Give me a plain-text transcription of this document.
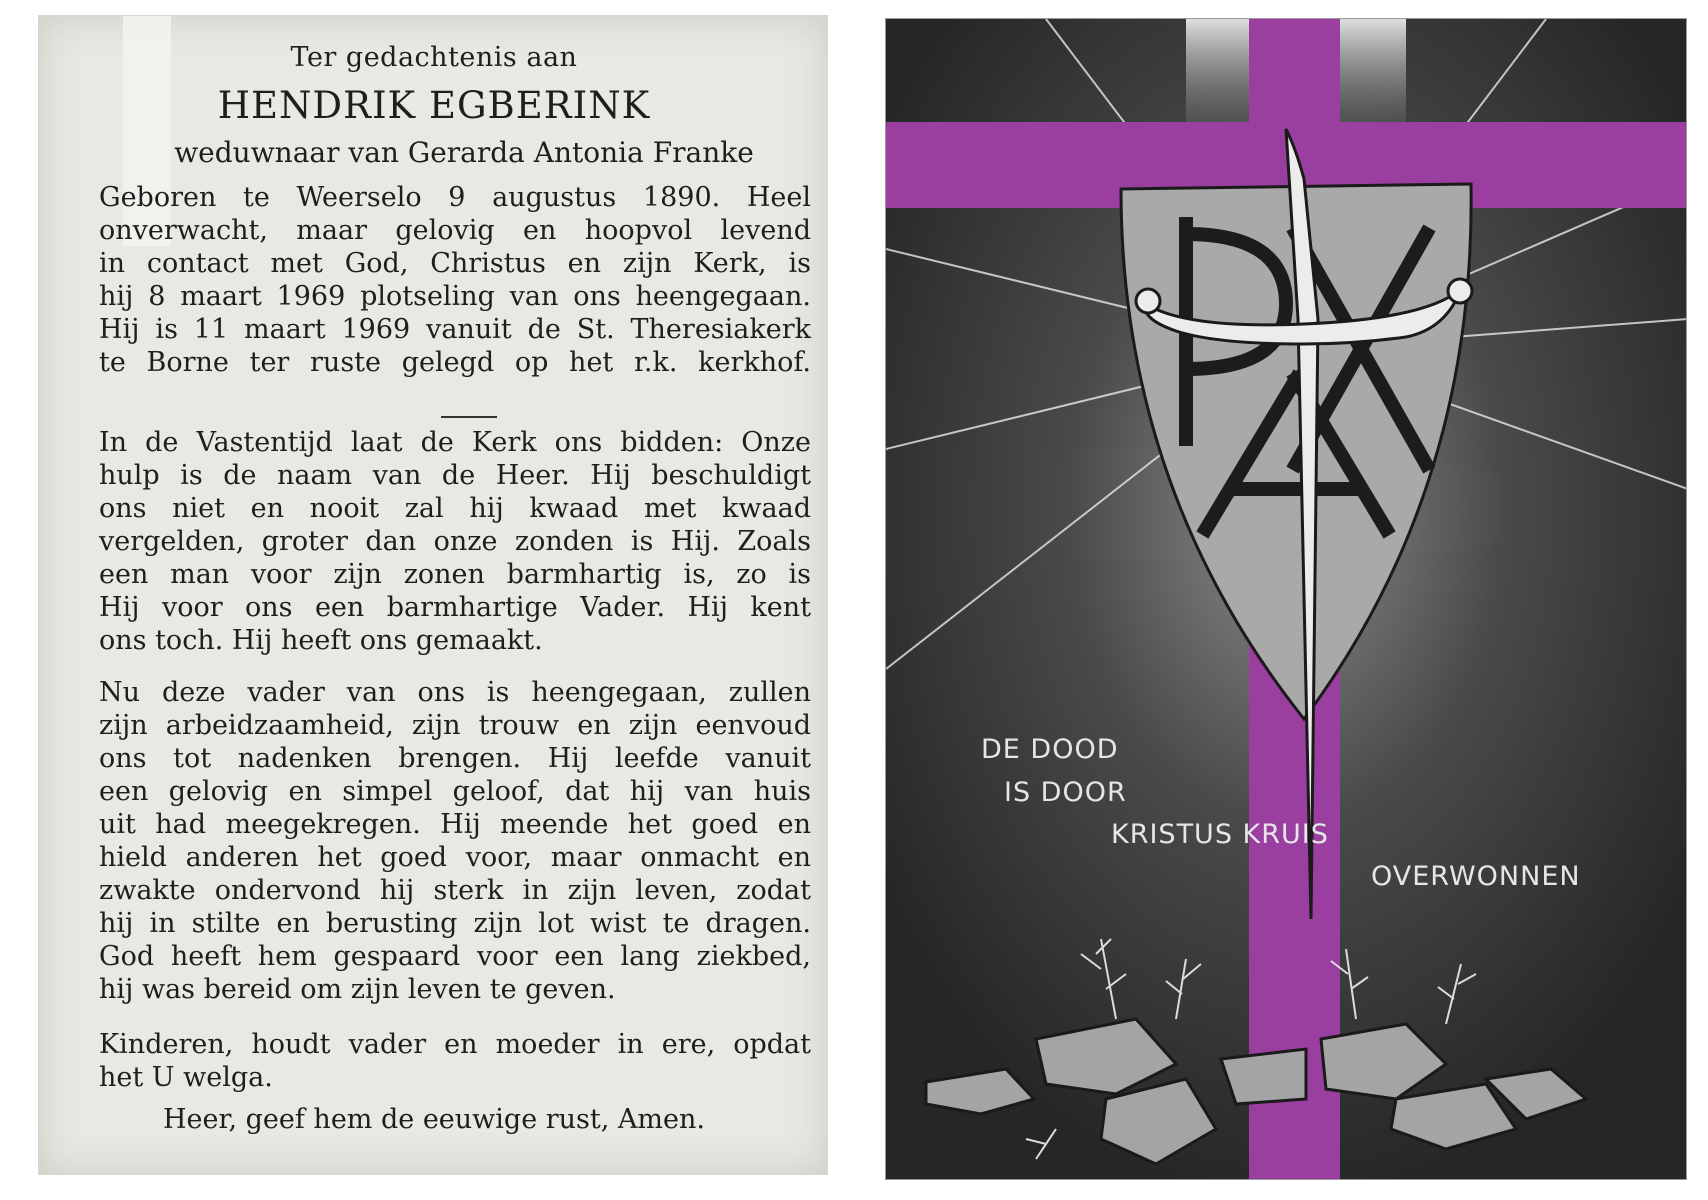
Ter gedachtenis aan
HENDRIK EGBERINK
weduwnaar van Gerarda Antonia Franke
Geboren te Weerselo 9 augustus 1890. Heel
onverwacht, maar gelovig en hoopvol levend
in contact met God, Christus en zijn Kerk, is
hij 8 maart 1969 plotseling van ons heengegaan.
Hij is 11 maart 1969 vanuit de St. Theresiakerk
te Borne ter ruste gelegd op het r.k. kerkhof.
In de Vastentijd laat de Kerk ons bidden: Onze
hulp is de naam van de Heer. Hij beschuldigt
ons niet en nooit zal hij kwaad met kwaad
vergelden, groter dan onze zonden is Hij. Zoals
een man voor zijn zonen barmhartig is, zo is
Hij voor ons een barmhartige Vader. Hij kent
ons toch. Hij heeft ons gemaakt.
Nu deze vader van ons is heengegaan, zullen
zijn arbeidzaamheid, zijn trouw en zijn eenvoud
ons tot nadenken brengen. Hij leefde vanuit
een gelovig en simpel geloof, dat hij van huis
uit had meegekregen. Hij meende het goed en
hield anderen het goed voor, maar onmacht en
zwakte ondervond hij sterk in zijn leven, zodat
hij in stilte en berusting zijn lot wist te dragen.
God heeft hem gespaard voor een lang ziekbed,
hij was bereid om zijn leven te geven.
Kinderen, houdt vader en moeder in ere, opdat
het U welga.
Heer, geef hem de eeuwige rust, Amen.
DE DOOD
IS DOOR
KRISTUS KRUIS
OVERWONNEN
